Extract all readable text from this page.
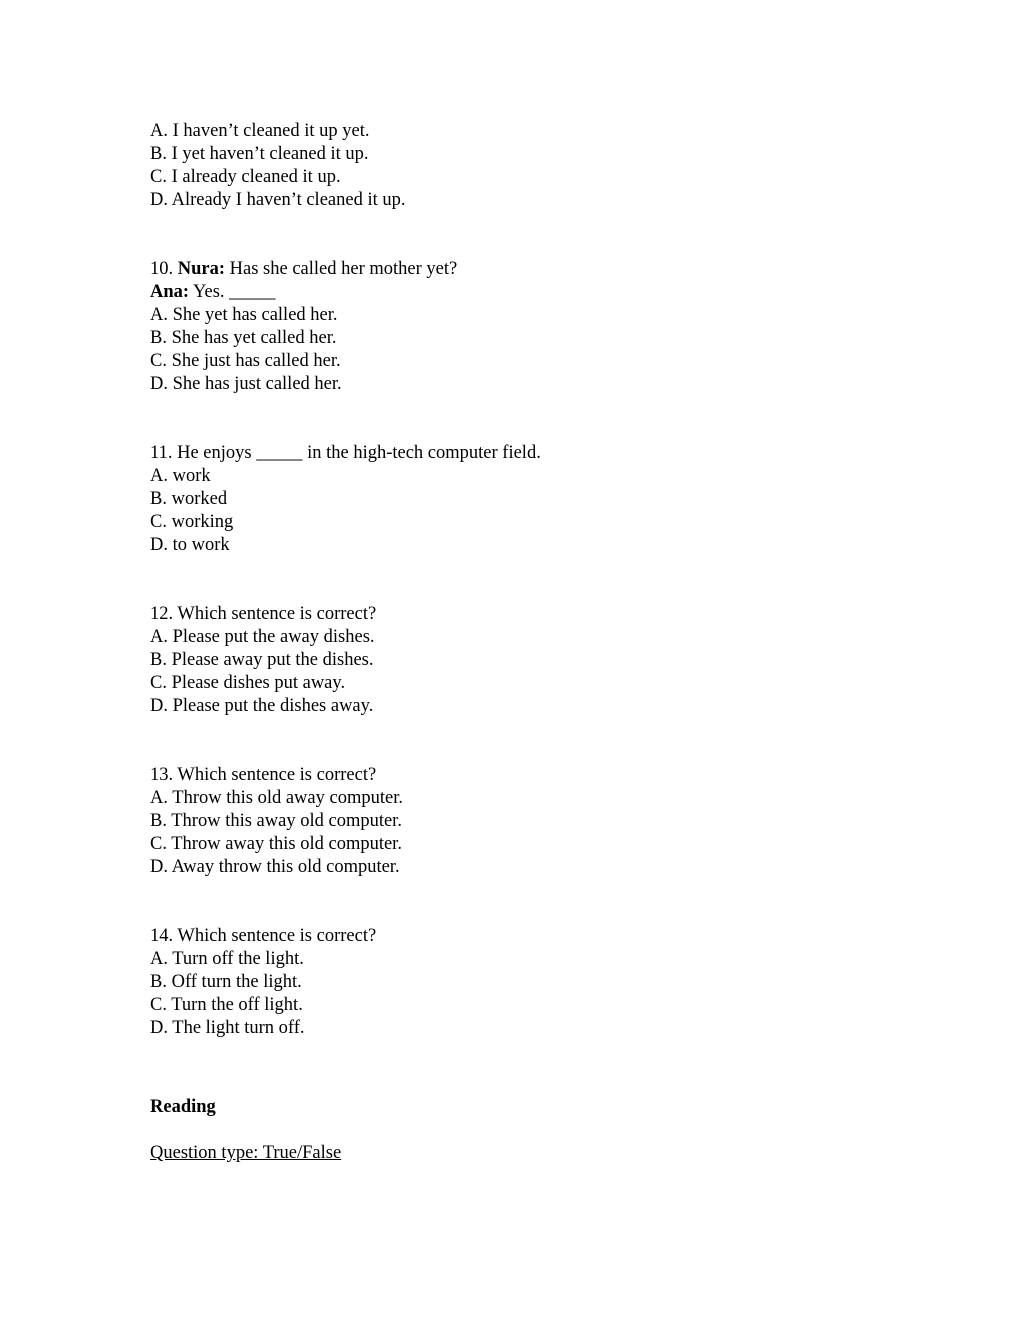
A. I haven’t cleaned it up yet.
B. I yet haven’t cleaned it up.
C. I already cleaned it up.
D. Already I haven’t cleaned it up.
10. Nura: Has she called her mother yet?
Ana: Yes. _____
A. She yet has called her.
B. She has yet called her.
C. She just has called her.
D. She has just called her.
11. He enjoys _____ in the high-tech computer field.
A. work
B. worked
C. working
D. to work
12. Which sentence is correct?
A. Please put the away dishes.
B. Please away put the dishes.
C. Please dishes put away.
D. Please put the dishes away.
13. Which sentence is correct?
A. Throw this old away computer.
B. Throw this away old computer.
C. Throw away this old computer.
D. Away throw this old computer.
14. Which sentence is correct?
A. Turn off the light.
B. Off turn the light.
C. Turn the off light.
D. The light turn off.
Reading
Question type: True/False
